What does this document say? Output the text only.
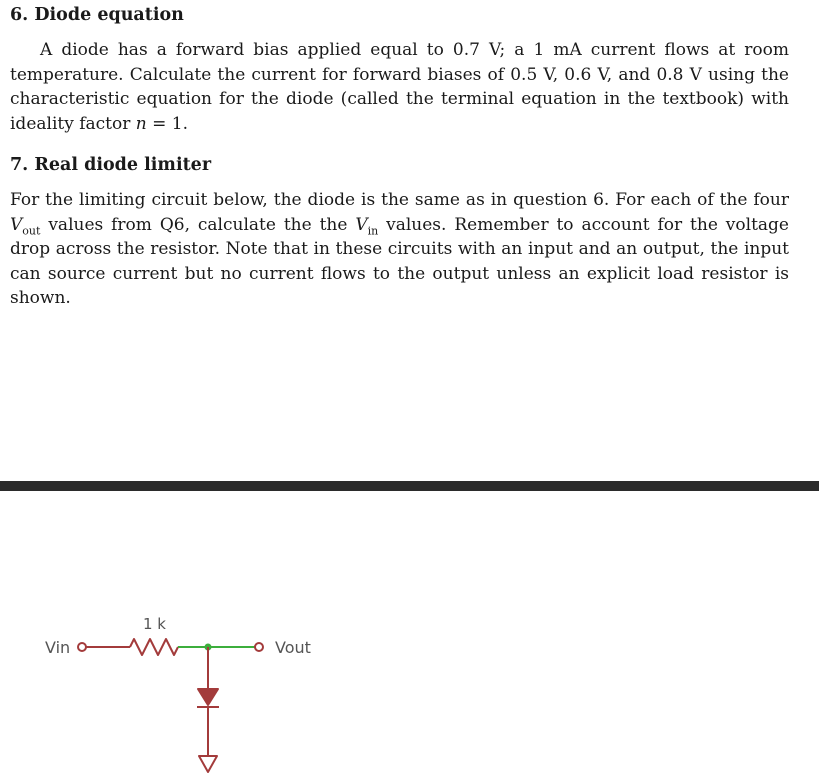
6. Diode equation

A diode has a forward bias applied equal to 0.7 V; a 1 mA current flows at room temperature. Calculate the current for forward biases of 0.5 V, 0.6 V, and 0.8 V using the characteristic equation for the diode (called the terminal equation in the textbook) with ideality factor n = 1.

7. Real diode limiter

For the limiting circuit below, the diode is the same as in question 6. For each of the four $V_{out}$ values from Q6, calculate the the $V_{in}$ values. Remember to account for the voltage drop across the resistor. Note that in these circuits with an input and an output, the input can source current but no current flows to the output unless an explicit load resistor is shown.

Vin
1 k
Vout
